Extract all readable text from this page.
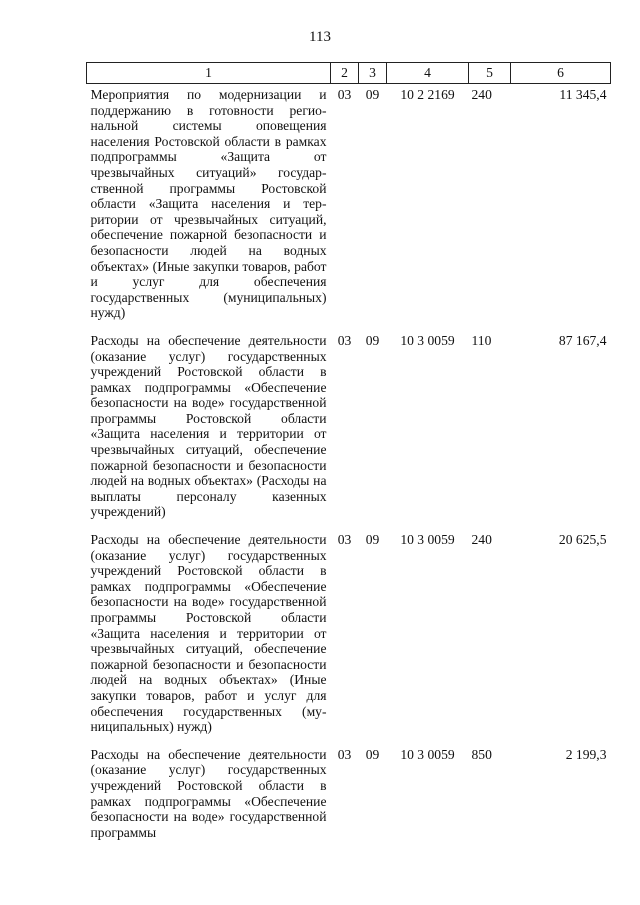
113
1	2	3	4	5	6
Мероприятия по модернизации и поддержанию в готовности региональной системы оповещения населения Ростовской области в рамках подпрограммы «Защита от чрезвычайных ситуаций» государственной программы Ростовской области «Защита населения и территории от чрезвычайных ситуаций, обеспечение пожарной безопасности и безопасности людей на водных объектах» (Иные закупки товаров, работ и услуг для обеспечения государственных (муниципальных) нужд)	03	09	10 2 2169	240	11 345,4
Расходы на обеспечение деятельности (оказание услуг) государственных учреждений Ростовской области в рамках подпрограммы «Обеспечение безопасности на воде» государственной программы Ростовской области «Защита населения и территории от чрезвычайных ситуаций, обеспечение пожарной безопасности и безопасности людей на водных объектах» (Расходы на выплаты персоналу казенных учреждений)	03	09	10 3 0059	110	87 167,4
Расходы на обеспечение деятельности (оказание услуг) государственных учреждений Ростовской области в рамках подпрограммы «Обеспечение безопасности на воде» государственной программы Ростовской области «Защита населения и территории от чрезвычайных ситуаций, обеспечение пожарной безопасности и безопасности людей на водных объектах» (Иные закупки товаров, работ и услуг для обеспечения государственных (муниципальных) нужд)	03	09	10 3 0059	240	20 625,5
Расходы на обеспечение деятельности (оказание услуг) государственных учреждений Ростовской области в рамках подпрограммы «Обеспечение безопасности на воде» государственной программы	03	09	10 3 0059	850	2 199,3
